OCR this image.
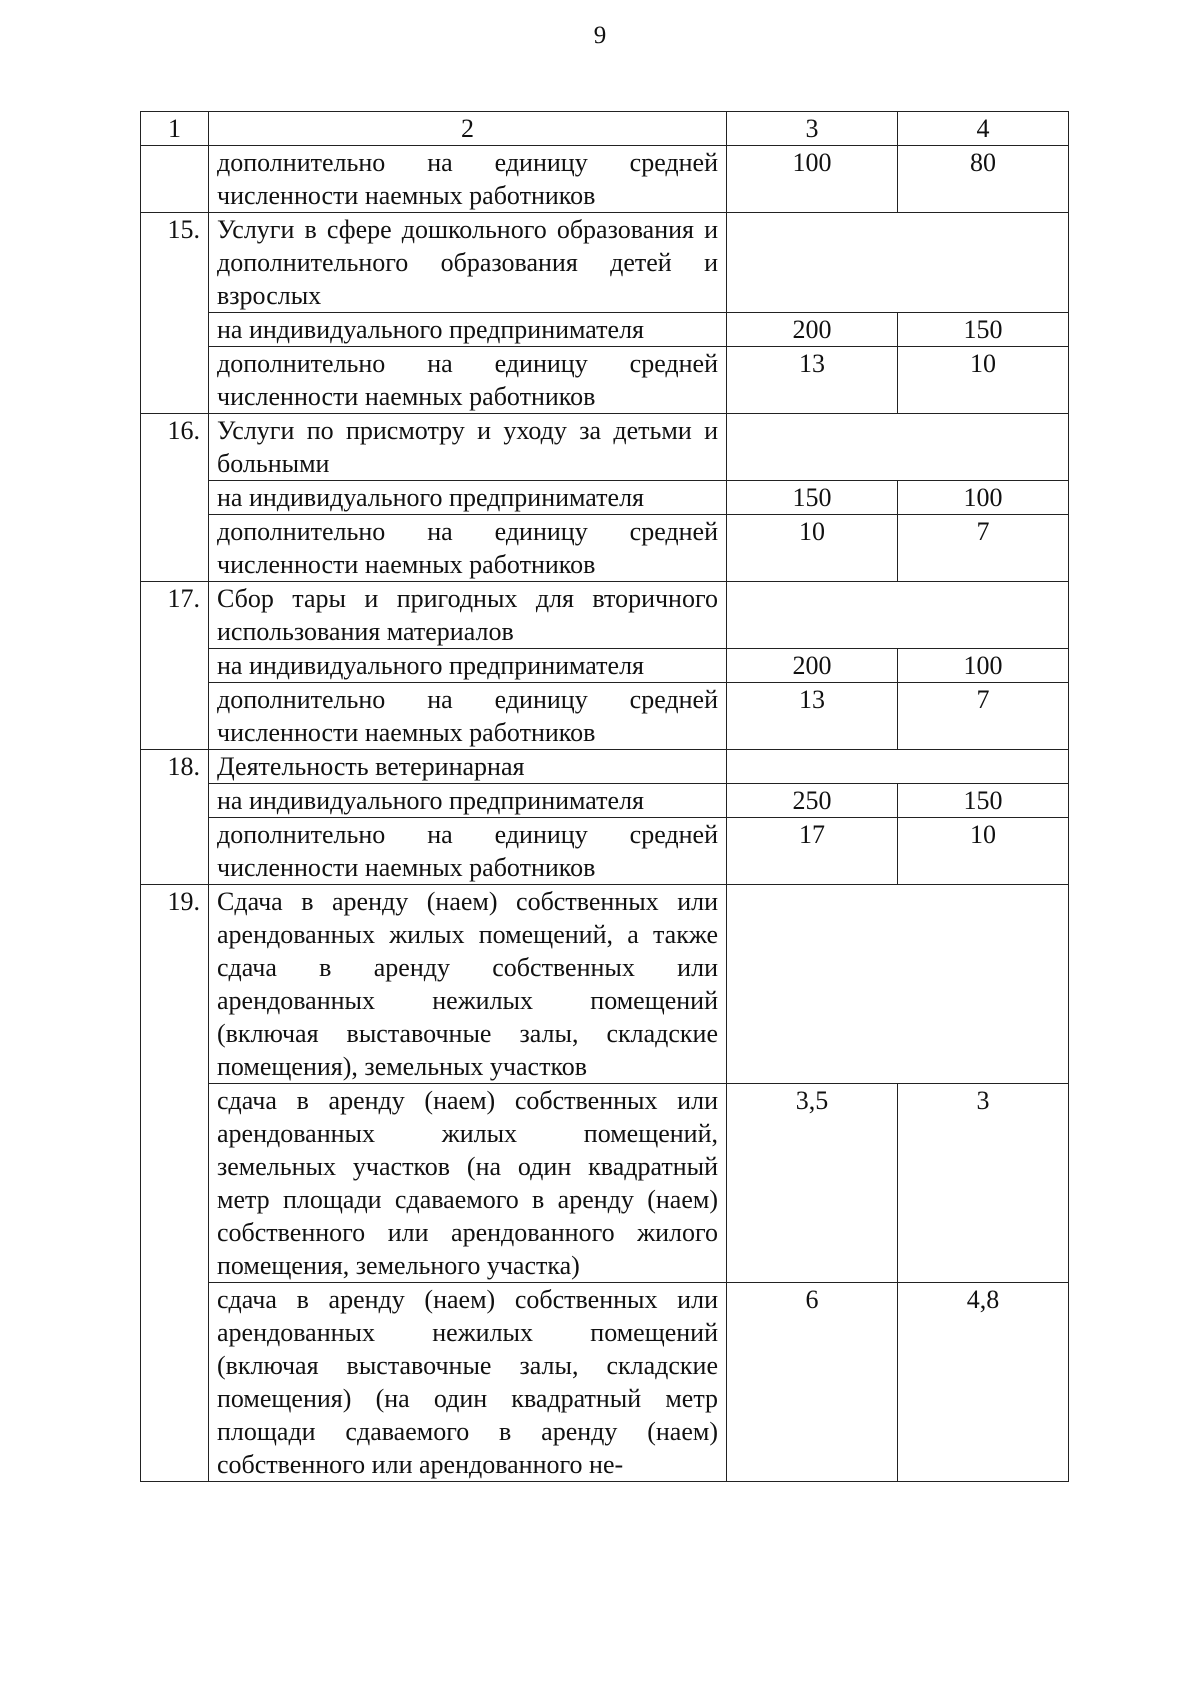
9
1	2	3	4
	дополнительно на единицу средней численности наемных работников	100	80
15.	Услуги в сфере дошкольного образования и дополнительного образования детей и взрослых		
	на индивидуального предпринимателя	200	150
	дополнительно на единицу средней численности наемных работников	13	10
16.	Услуги по присмотру и уходу за детьми и больными		
	на индивидуального предпринимателя	150	100
	дополнительно на единицу средней численности наемных работников	10	7
17.	Сбор тары и пригодных для вторичного использования материалов		
	на индивидуального предпринимателя	200	100
	дополнительно на единицу средней численности наемных работников	13	7
18.	Деятельность ветеринарная		
	на индивидуального предпринимателя	250	150
	дополнительно на единицу средней численности наемных работников	17	10
19.	Сдача в аренду (наем) собственных или арендованных жилых помещений, а также сдача в аренду собственных или арендованных нежилых помещений (включая выставочные залы, складские помещения), земельных участков		
	сдача в аренду (наем) собственных или арендованных жилых помещений, земельных участков (на один квадратный метр площади сдаваемого в аренду (наем) собственного или арендованного жилого помещения, земельного участка)	3,5	3
	сдача в аренду (наем) собственных или арендованных нежилых помещений (включая выставочные залы, складские помещения) (на один квадратный метр площади сдаваемого в аренду (наем) собственного или арендованного не-	6	4,8
